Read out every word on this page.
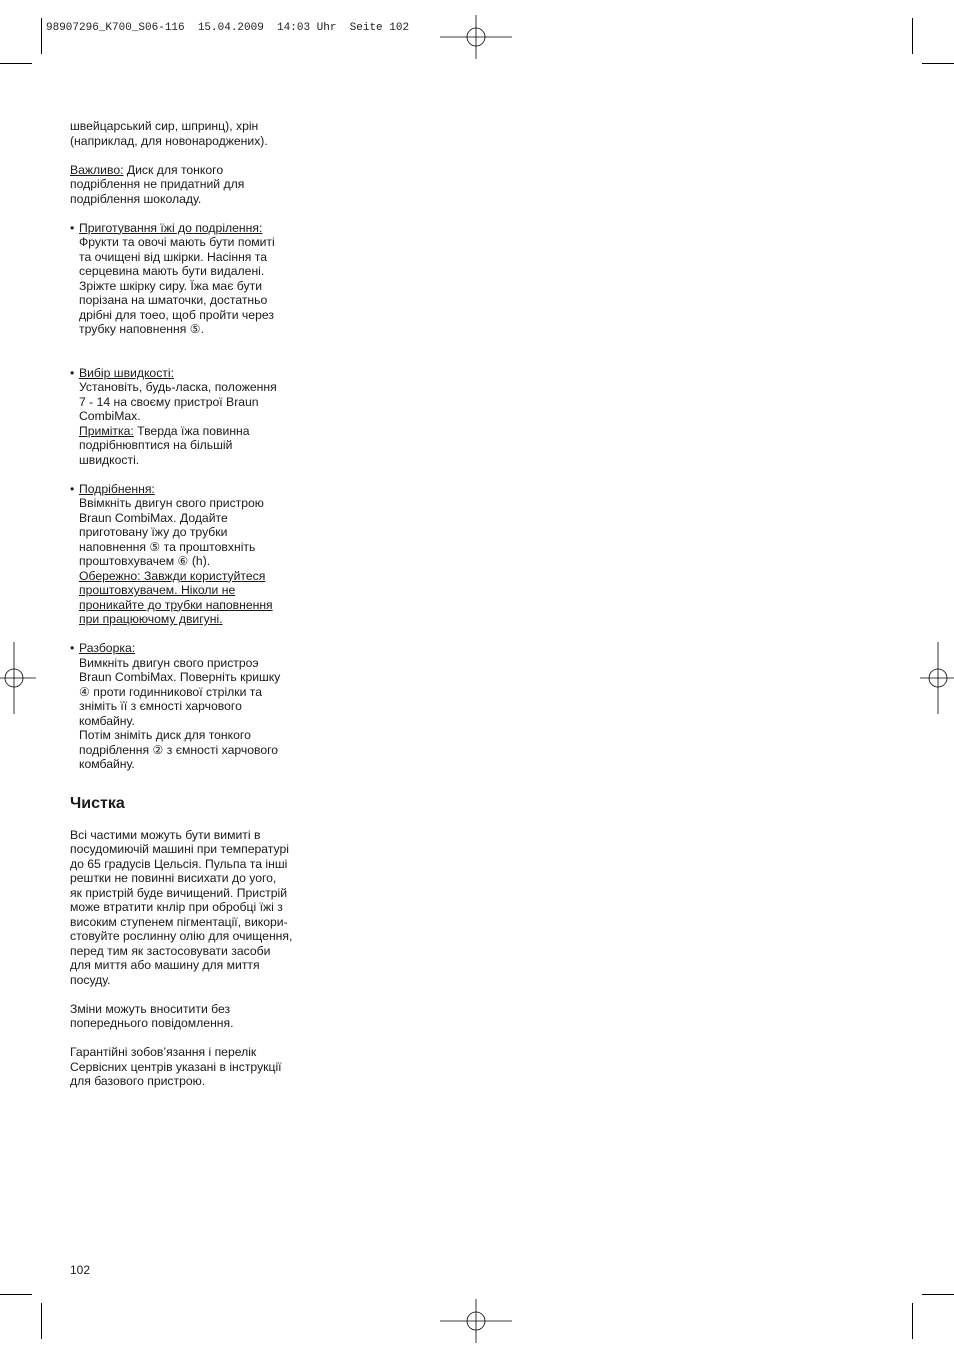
98907296_K700_S06-116  15.04.2009  14:03 Uhr  Seite 102

швейцарський сир, шпринц), хрін
(наприклад, для новонароджених).

Важливо: Диск для тонкого
подріблення не придатний для
подріблення шоколаду.

• Приготування їжі до подрілення:
Фрукти та овочі мають бути помиті
та очищені від шкірки. Насіння та
серцевина мають бути видалені.
Зріжте шкірку сиру. Їжа має бути
порізана на шматочки, достатньо
дрібні для тоео, щоб пройти через
трубку наповнення ⑤.
• Вибір швидкості:
Установіть, будь-ласка, положення
7 - 14 на своєму пристрої Braun
CombiMax.
Примітка: Тверда їжа повинна
подрібнювптися на більшій
швидкості.
• Подрібнення:
Ввімкніть двигун свого пристрою
Braun CombiMax. Додайте
приготовану їжу до трубки
наповнення ⑤ та проштовхніть
проштовхувачем ⑥ (h).
Обережно: Завжди користуйтеся
проштовхувачем. Ніколи не
проникайте до трубки наповнення
при працюючому двигуні.
• Разборка:
Вимкніть двигун свого пристроэ
Braun CombiMax. Поверніть кришку
④ проти годинникової стрілки та
зніміть її з ємності харчового
комбайну.
Потім зніміть диск для тонкого
подріблення ② з ємності харчового
комбайну.
Чистка

Всі частими можуть бути вимиті в
посудомиючій машині при температурі
до 65 градусів Цельсія. Пульпа та інші
рештки не повинні висихати до уого,
як пристрій буде вичищений. Пристрій
може втратити кнлір при обробці їжі з
високим ступенем пігментації, викори-
стовуйте рослинну олію для очищення,
перед тим як застосовувати засоби
для миття або машину для миття
посуду.

Зміни можуть вноситити без
попереднього повідомлення.

Гарантійні зобов’язання і перелік
Сервісних центрів указані в інструкції
для базового пристрою.

102
